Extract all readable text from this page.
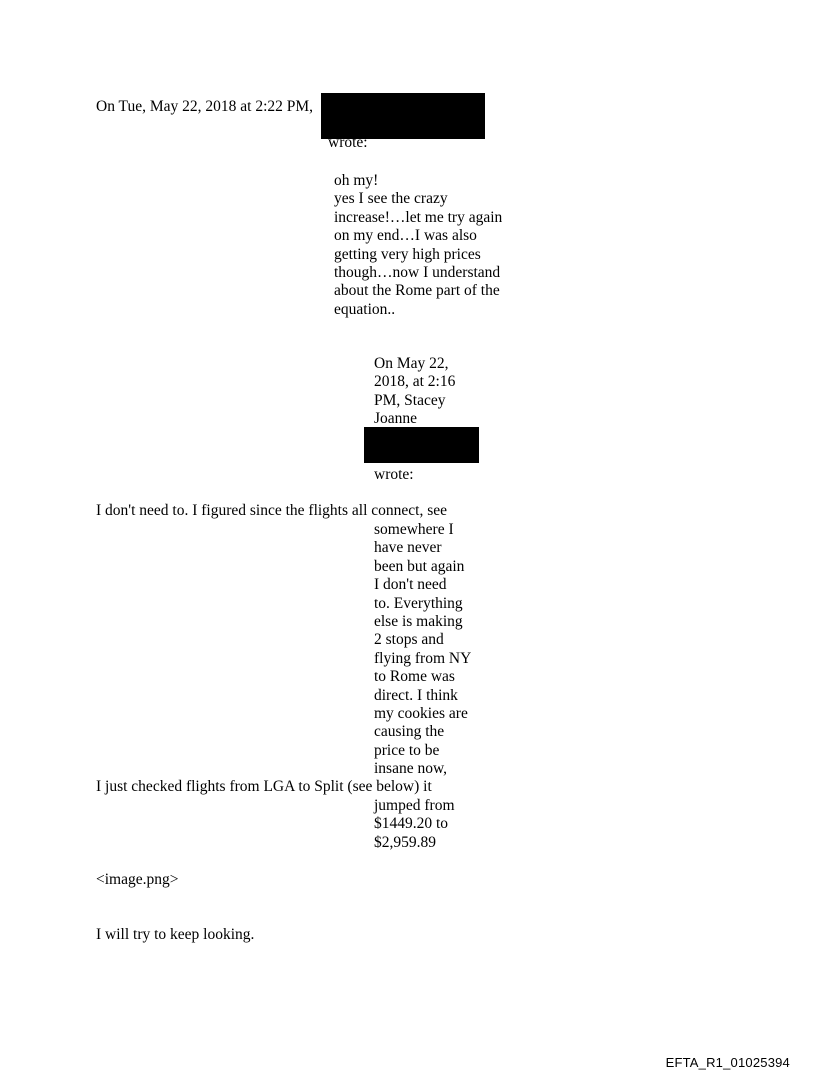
On Tue, May 22, 2018 at 2:22 PM,
wrote:
oh my!
yes I see the crazy
increase!…let me try again
on my end…I was also
getting very high prices
though…now I understand
about the Rome part of the
equation..
On May 22,
2018, at 2:16
PM, Stacey
Joanne
wrote:
I don't need to. I figured since the flights all connect, see
somewhere I
have never
been but again
I don't need
to. Everything
else is making
2 stops and
flying from NY
to Rome was
direct. I think
my cookies are
causing the
price to be
insane now,
I just checked flights from LGA to Split (see below) it
jumped from
$1449.20 to
$2,959.89
<image.png>
I will try to keep looking.
EFTA_R1_01025394
